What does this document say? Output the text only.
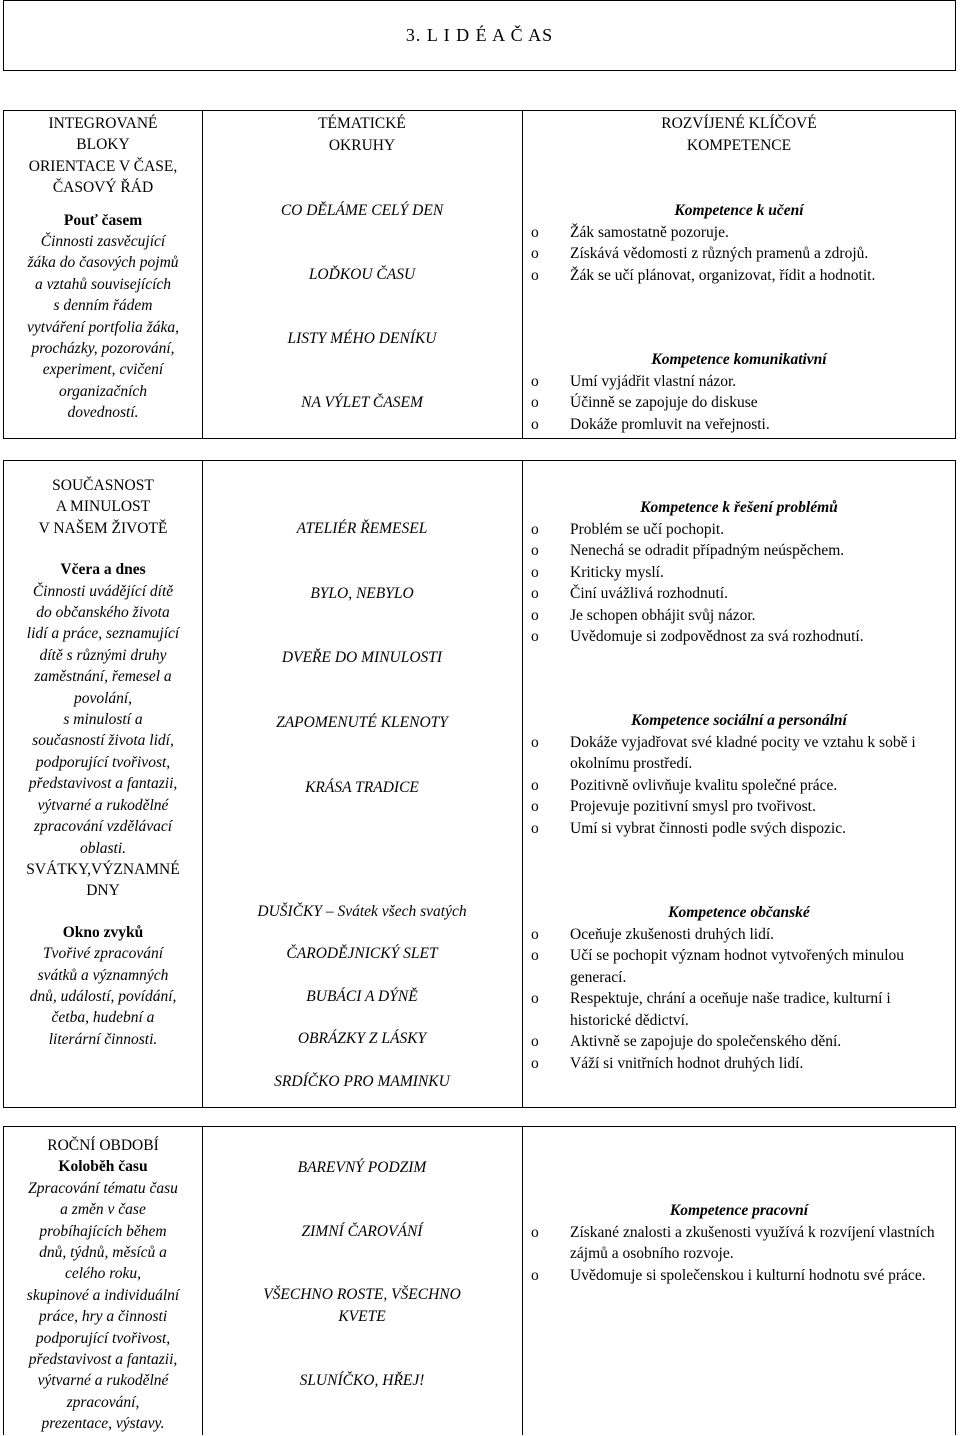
3. L I D É A Č AS
INTEGROVANÉ
BLOKY
ORIENTACE V ČASE,
ČASOVÝ ŘÁD
Pouť časem
Činnosti zasvěcující
žáka do časových pojmů
a vztahů souvisejících
s denním řádem
vytváření portfolia žáka,
procházky, pozorování,
experiment, cvičení
organizačních
dovedností.
TÉMATICKÉ
OKRUHY
CO DĚLÁME CELÝ DEN
LOĎKOU ČASU
LISTY MÉHO DENÍKU
NA VÝLET ČASEM
ROZVÍJENÉ KLÍČOVÉ
KOMPETENCE
Kompetence k učení
o Žák samostatně pozoruje.
o Získává vědomosti z různých pramenů a zdrojů.
o Žák se učí plánovat, organizovat, řídit a hodnotit.
Kompetence komunikativní
o Umí vyjádřit vlastní názor.
o Účinně se zapojuje do diskuse
o Dokáže promluvit na veřejnosti.
SOUČASNOST
A MINULOST
V NAŠEM ŽIVOTĚ
Včera a dnes
Činnosti uvádějící dítě
do občanského života
lidí a práce, seznamující
dítě s různými druhy
zaměstnání, řemesel a
povolání,
s minulostí a
současností života lidí,
podporující tvořivost,
představivost a fantazii,
výtvarné a rukodělné
zpracování vzdělávací
oblasti.
SVÁTKY,VÝZNAMNÉ
DNY
Okno zvyků
Tvořivé zpracování
svátků a významných
dnů, událostí, povídání,
četba, hudební a
literární činnosti.
ATELIÉR ŘEMESEL
BYLO, NEBYLO
DVEŘE DO MINULOSTI
ZAPOMENUTÉ KLENOTY
KRÁSA TRADICE
DUŠIČKY – Svátek všech svatých
ČARODĚJNICKÝ SLET
BUBÁCI A DÝNĚ
OBRÁZKY Z LÁSKY
SRDÍČKO PRO MAMINKU
Kompetence k řešení problémů
o Problém se učí pochopit.
o Nenechá se odradit případným neúspěchem.
o Kriticky myslí.
o Činí uvážlivá rozhodnutí.
o Je schopen obhájit svůj názor.
o Uvědomuje si zodpovědnost za svá rozhodnutí.
Kompetence sociální a personální
o Dokáže vyjadřovat své kladné pocity ve vztahu k sobě i okolnímu prostředí.
o Pozitivně ovlivňuje kvalitu společné práce.
o Projevuje pozitivní smysl pro tvořivost.
o Umí si vybrat činnosti podle svých dispozic.
Kompetence občanské
o Oceňuje zkušenosti druhých lidí.
o Učí se pochopit význam hodnot vytvořených minulou generací.
o Respektuje, chrání a oceňuje naše tradice, kulturní i historické dědictví.
o Aktivně se zapojuje do společenského dění.
o Váží si vnitřních hodnot druhých lidí.
ROČNÍ OBDOBÍ
Koloběh času
Zpracování tématu času
a změn v čase
probíhajících během
dnů, týdnů, měsíců a
celého roku,
skupinové a individuální
práce, hry a činnosti
podporující tvořivost,
představivost a fantazii,
výtvarné a rukodělné
zpracování,
prezentace, výstavy.
BAREVNÝ PODZIM
ZIMNÍ ČAROVÁNÍ
VŠECHNO ROSTE, VŠECHNO KVETE
SLUNÍČKO, HŘEJ!
Kompetence pracovní
o Získané znalosti a zkušenosti využívá k rozvíjení vlastních zájmů a osobního rozvoje.
o Uvědomuje si společenskou i kulturní hodnotu své práce.
